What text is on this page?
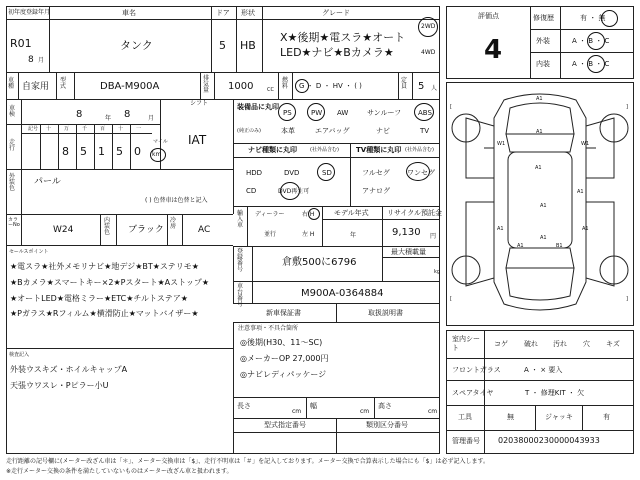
初年度登録年月
R01
8 月
車名
タンク
ドア
5
形状
HB
グレード
X★後期★電スラ★オート
LED★ナビ★Bカメラ★
2WD
4WD
車種 自家用
型式	DBA-M900A
排気量 1000	CC
燃料 G ・ D ・ HV ・ ( )
定員 5 人
評価点
4
修復歴	有 ・ 無
外装	A ・ B ・ C
内装	A ・ B ・ C
車検	8	年 8	月
シフト
IAT
走行
記号 十	万	千	百	十	一
8 5 1 5 0
マイル
km
装備品に丸印
(純正のみ)
PS	PW AW	サンルーフ ABS
本革	エアバッグ	ナビ	TV
ナビ種類に丸印	(社外品含む) TV種類に丸印 (社外品含む)
HDD	DVD	SD
CD	DVD再生可
フルセグ ワンセグ
アナログ
外装色
パール
( ) 色替車は色替と記入
カラーNo	W24
内装色	ブラック
冷房	AC
輸入車
ディーラー
並行
右 H
左 H
モデル年式
年
リサイクル預託金
9,130 円
セールスポイント
★電スラ★社外メモリナビ★地デジ★BT★ステリモ★
★Bカメラ★スマートキー×2★Pスタート★Aストップ★
★オートLED★電格ミラー★ETC★チルトステア★
★Pガラス★Rフィルム★横滑防止★マットバイザー★
登録番号
倉敷500に6796
最大積載量
kg
車台番号
M900A-0364884
新車保証書	取扱説明書
注意事項・不具合箇所
◎後期(H30、11〜SC)
◎メーカーOP 27,000円
◎ナビレディパッケージ
検査記入
外装ウスキズ・ホイルキャップA
天張ウワスレ・Pピラー小U
長さ
cm
幅
cm
高さ
cm
型式指定番号	類別区分番号
室内シート
コゲ 破れ 汚れ 穴 キズ
フロントガラス	A ・ × 要入
スペアタイヤ	T ・ 修理KIT ・ 欠
工具	無	ジャッキ	有
管理番号 02038000230000043933
[	]
[	]
A1
A1
W1
W1
A1
A1
A1
A1
A1
A1
A1	B1
走行距離の記号欄に(メーター改ざん車は「＊」、メーター交換車は「$」、走行不明車は「＃」を記入しております。メーター交換で合算表示した場合にも「$」は必ず記入します。
※走行メーター交換の条件を満たしていないものはメーター改ざん車と扱われます。
